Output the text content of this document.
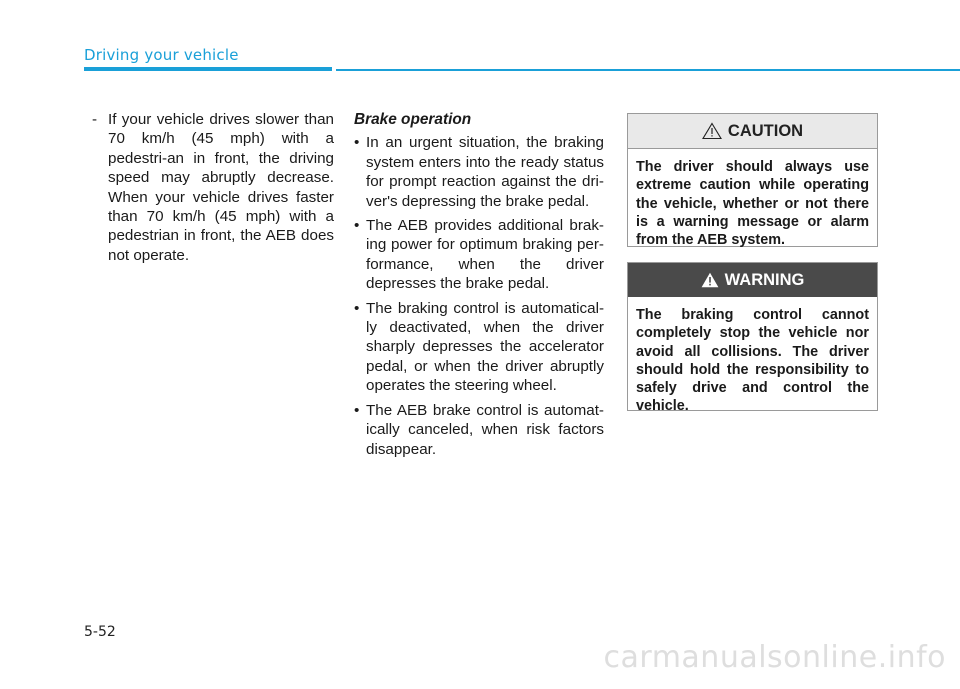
Driving your vehicle
- If your vehicle drives slower than 70 km/h (45 mph) with a pedestri-an in front, the driving speed may abruptly decrease. When your vehicle drives faster than 70 km/h (45 mph) with a pedestrian in front, the AEB does not operate.
Brake operation
• In an urgent situation, the braking system enters into the ready status for prompt reaction against the dri-ver's depressing the brake pedal.
• The AEB provides additional brak-ing power for optimum braking per-formance, when the driver depresses the brake pedal.
• The braking control is automatical-ly deactivated, when the driver sharply depresses the accelerator pedal, or when the driver abruptly operates the steering wheel.
• The AEB brake control is automat-ically canceled, when risk factors disappear.
CAUTION
The driver should always use extreme caution while operating the vehicle, whether or not there is a warning message or alarm from the AEB system.
WARNING
The braking control cannot completely stop the vehicle nor avoid all collisions. The driver should hold the responsibility to safely drive and control the vehicle.
5-52
carmanualsonline.info
